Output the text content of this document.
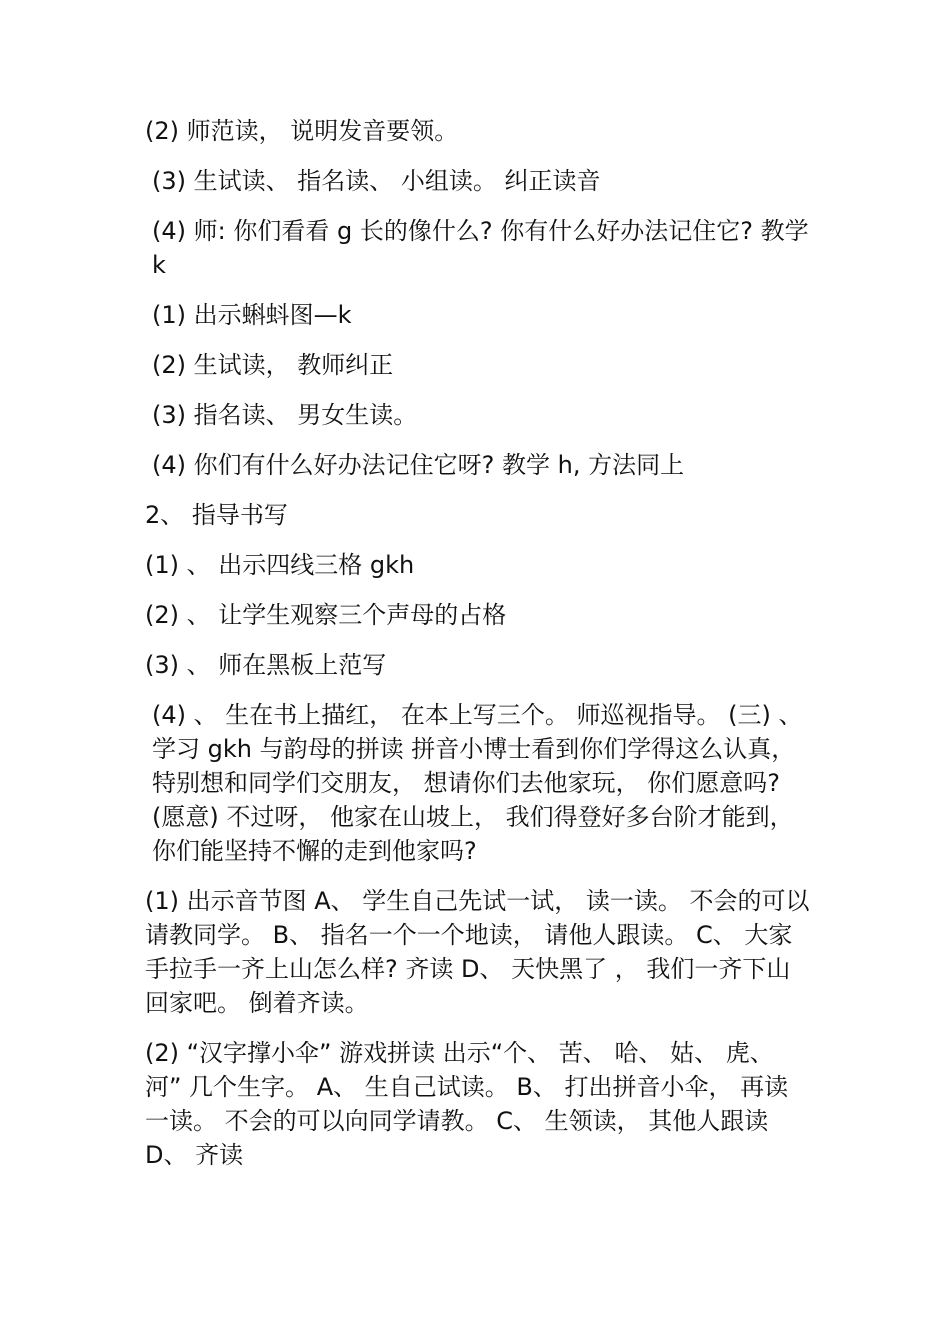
(2) 师范读， 说明发音要领。

(3) 生试读、 指名读、 小组读。 纠正读音

(4) 师: 你们看看 g 长的像什么? 你有什么好办法记住它? 教学 k

(1) 出示蝌蚪图—k

(2) 生试读， 教师纠正

(3) 指名读、 男女生读。

(4) 你们有什么好办法记住它呀? 教学 h, 方法同上

2、 指导书写

(1) 、 出示四线三格 gkh

(2) 、 让学生观察三个声母的占格

(3) 、 师在黑板上范写

(4) 、 生在书上描红， 在本上写三个。 师巡视指导。 (三) 、 学习 gkh 与韵母的拼读 拼音小博士看到你们学得这么认真， 特别想和同学们交朋友， 想请你们去他家玩， 你们愿意吗? (愿意) 不过呀， 他家在山坡上， 我们得登好多台阶才能到， 你们能坚持不懈的走到他家吗?

(1) 出示音节图 A、 学生自己先试一试， 读一读。 不会的可以请教同学。 B、 指名一个一个地读， 请他人跟读。 C、 大家手拉手一齐上山怎么样? 齐读 D、 天快黑了 ， 我们一齐下山回家吧。 倒着齐读。

(2) “汉字撑小伞” 游戏拼读 出示“个、 苦、 哈、 姑、 虎、 河” 几个生字。 A、 生自己试读。 B、 打出拼音小伞， 再读一读。 不会的可以向同学请教。 C、 生领读， 其他人跟读 D、 齐读
